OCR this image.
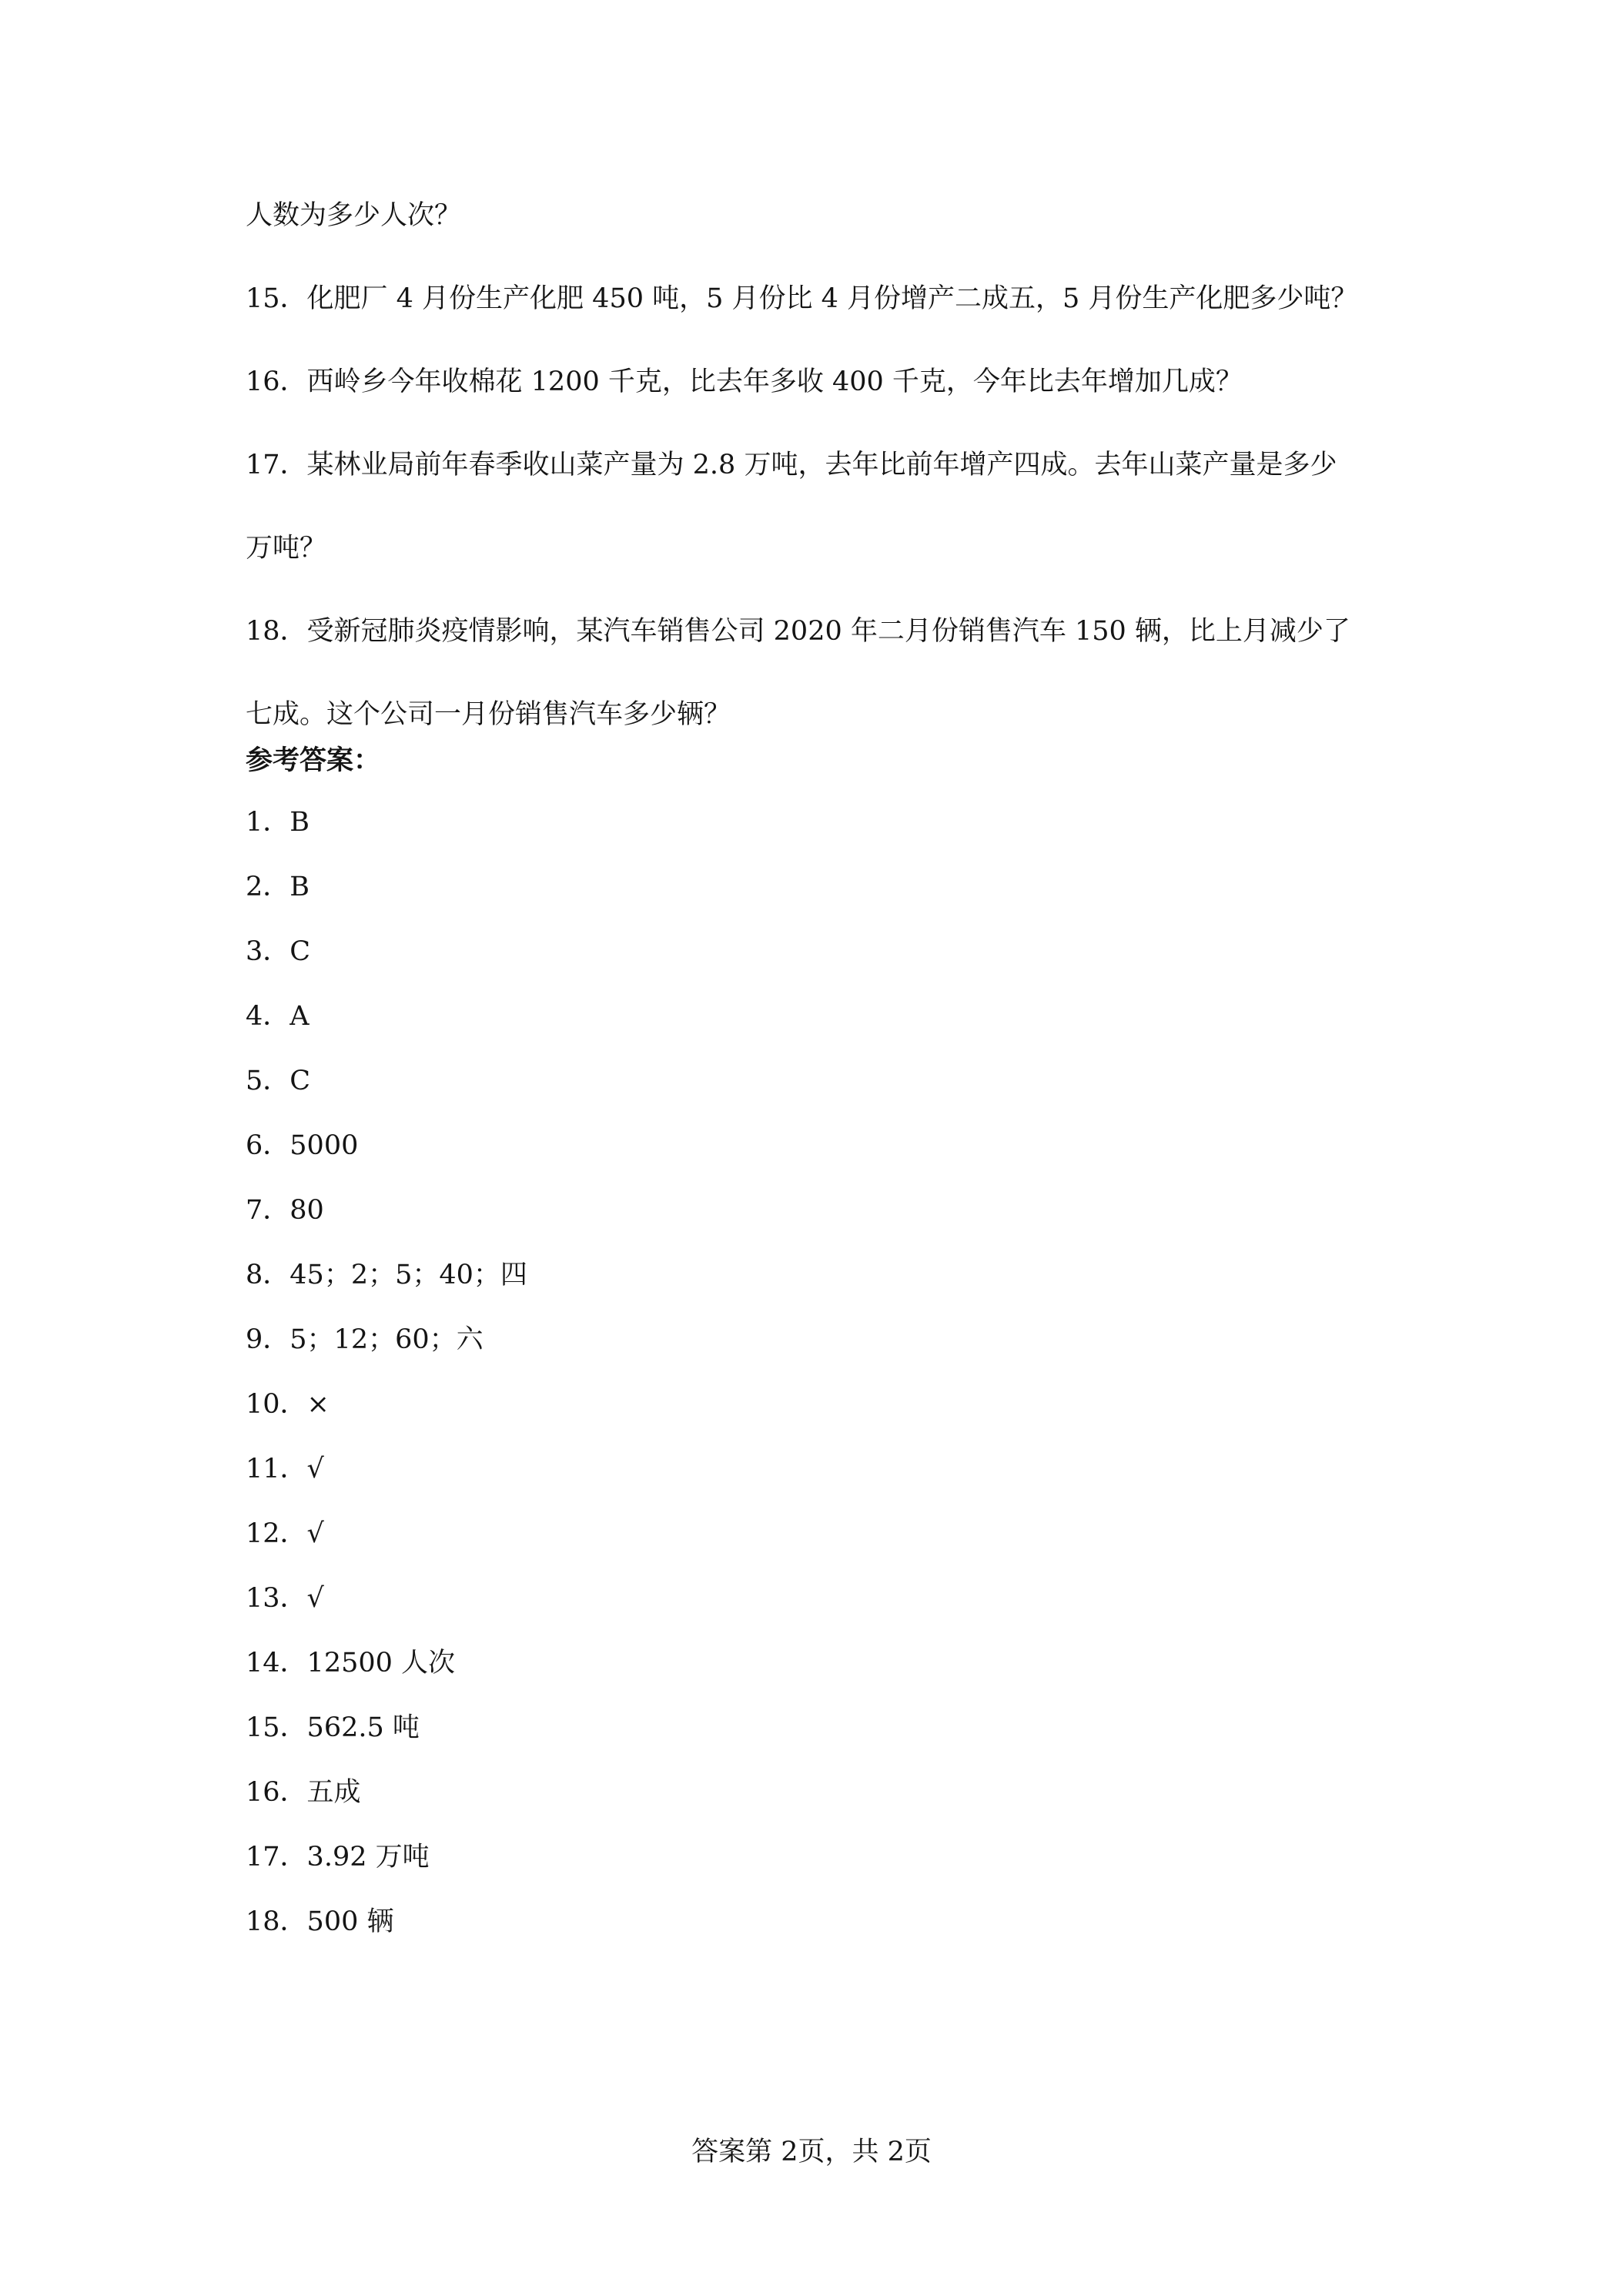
人数为多少人次？

15．化肥厂 4 月份生产化肥 450 吨，5 月份比 4 月份增产二成五，5 月份生产化肥多少吨？

16．西岭乡今年收棉花 1200 千克，比去年多收 400 千克，今年比去年增加几成？

17．某林业局前年春季收山菜产量为 2.8 万吨，去年比前年增产四成。去年山菜产量是多少

万吨？

18．受新冠肺炎疫情影响，某汽车销售公司 2020 年二月份销售汽车 150 辆，比上月减少了

七成。这个公司一月份销售汽车多少辆？

参考答案：

1．B
2．B
3．C
4．A
5．C
6．5000
7．80
8．45；2；5；40；四
9．5；12；60；六
10．×
11．√
12．√
13．√
14．12500 人次
15．562.5 吨
16．五成
17．3.92 万吨
18．500 辆
答案第 2页，共 2页
